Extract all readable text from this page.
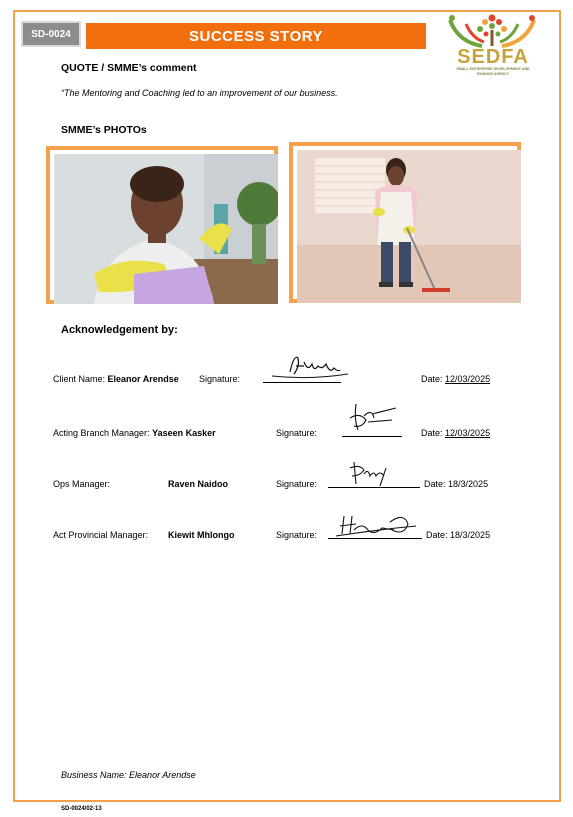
SD-0024	SUCCESS STORY
SEDFA
SMALL ENTERPRISE DEVELOPMENT AND FINANCE AGENCY
QUOTE / SMME’s comment
“The Mentoring and Coaching led to an improvement of our business.
SMME’s PHOTOs
Acknowledgement by:
Client Name: Eleanor Arendse Signature:	Date: 12/03/2025
Acting Branch Manager: Yaseen Kasker	Signature:	Date: 12/03/2025
Ops Manager:	Raven Naidoo	Signature:	Date: 18/3/2025
Act Provincial Manager: Kiewit Mhlongo	Signature:	Date: 18/3/2025
Business Name: Eleanor Arendse
SD-0024/02-13
